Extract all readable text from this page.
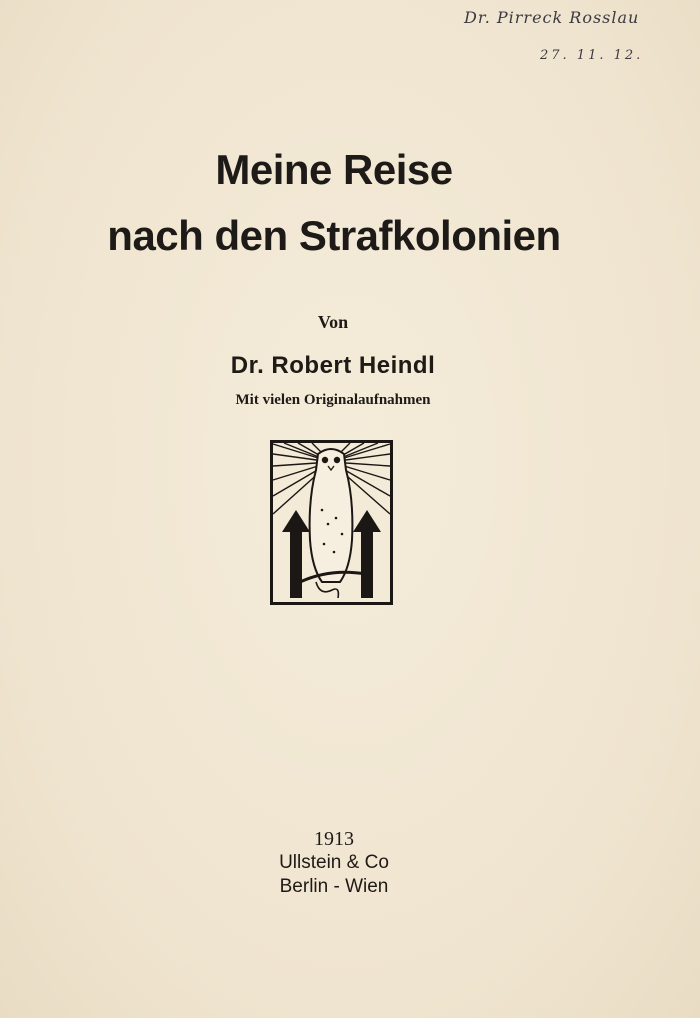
Dr. Pirreck Rosslau
27. 11. 12.
Meine Reise
nach den Strafkolonien
Von
Dr. Robert Heindl
Mit vielen Originalaufnahmen
1913
Ullstein & Co
Berlin - Wien
